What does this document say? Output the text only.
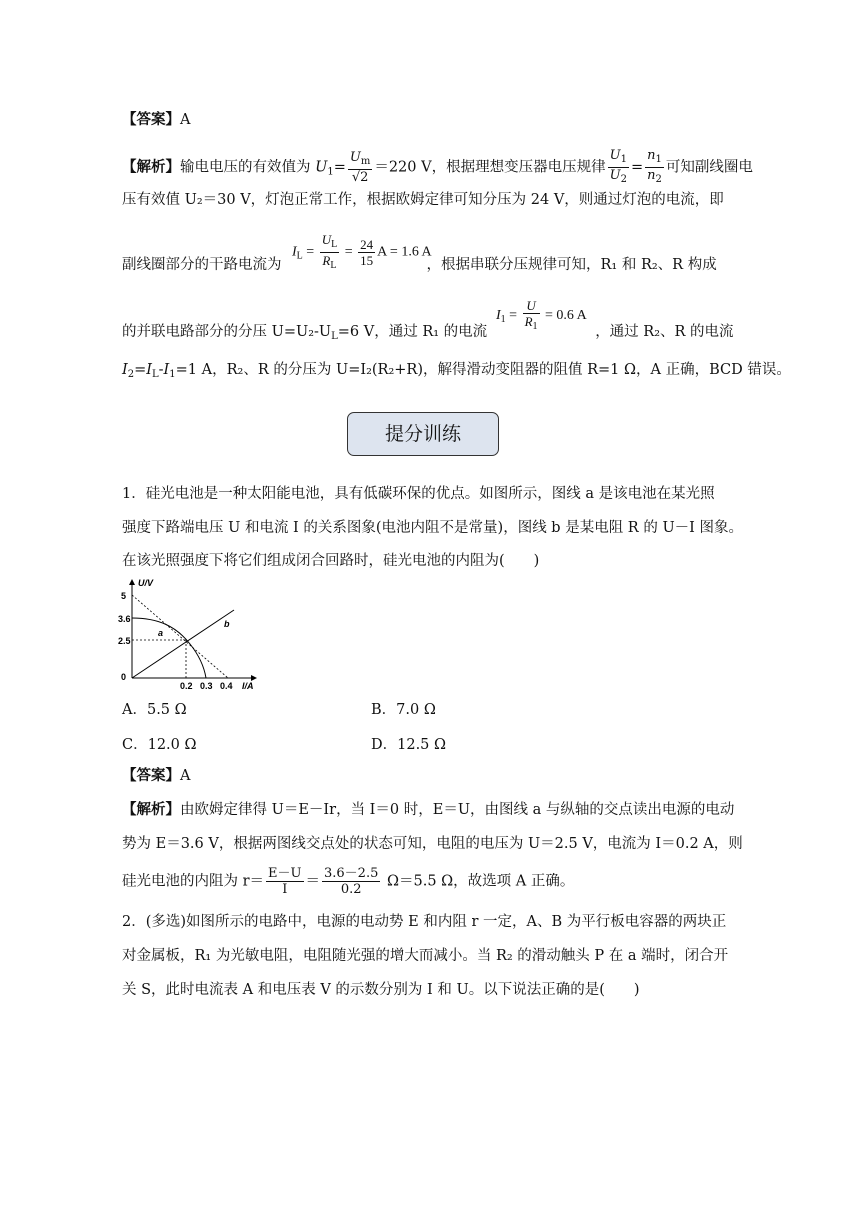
【答案】A
【解析】输电电压的有效值为 $U_1= \frac{U_m}{√2} =220$ V，根据理想变压器电压规律 $\frac{U_1}{U_2} = \frac{n_1}{n_2}$ 可知副线圈电
压有效值 U₂＝30 V，灯泡正常工作，根据欧姆定律可知分压为 24 V，则通过灯泡的电流，即
$I_L = \frac{U_L}{R_L} = \frac{24}{15}$ A = 1.6 A
副线圈部分的干路电流为	，根据串联分压规律可知，R₁ 和 R₂、R 构成
$I_1 = \frac{U}{R_1} = 0.6$ A
的并联电路部分的分压 $U=U_2-U_L=6$ V，通过 R₁ 的电流	，通过 R₂、R 的电流
$I_2=I_L-I_1=1$ A，R₂、R 的分压为 U=I₂(R₂+R)，解得滑动变阻器的阻值 R=1 Ω，A 正确，BCD 错误。
提分训练
1．硅光电池是一种太阳能电池，具有低碳环保的优点。如图所示，图线 a 是该电池在某光照
强度下路端电压 U 和电流 I 的关系图象(电池内阻不是常量)，图线 b 是某电阻 R 的 U－I 图象。
在该光照强度下将它们组成闭合回路时，硅光电池的内阻为(　　)
U/V
I/A
5
3.6
2.5
0
0.2 0.3 0.4
a
b
A．5.5 Ω	B．7.0 Ω
C．12.0 Ω	D．12.5 Ω
【答案】A
【解析】由欧姆定律得 U＝E－Ir，当 I＝0 时，E＝U，由图线 a 与纵轴的交点读出电源的电动
势为 E＝3.6 V，根据两图线交点处的状态可知，电阻的电压为 U＝2.5 V，电流为 I＝0.2 A，则
硅光电池的内阻为 $r= \frac{E-U}{I} = \frac{3.6-2.5}{0.2} \Omega=5.5$ Ω，故选项 A 正确。
2．(多选)如图所示的电路中，电源的电动势 E 和内阻 r 一定，A、B 为平行板电容器的两块正
对金属板，R₁ 为光敏电阻，电阻随光强的增大而减小。当 R₂ 的滑动触头 P 在 a 端时，闭合开
关 S，此时电流表 A 和电压表 V 的示数分别为 I 和 U。以下说法正确的是(　　)
